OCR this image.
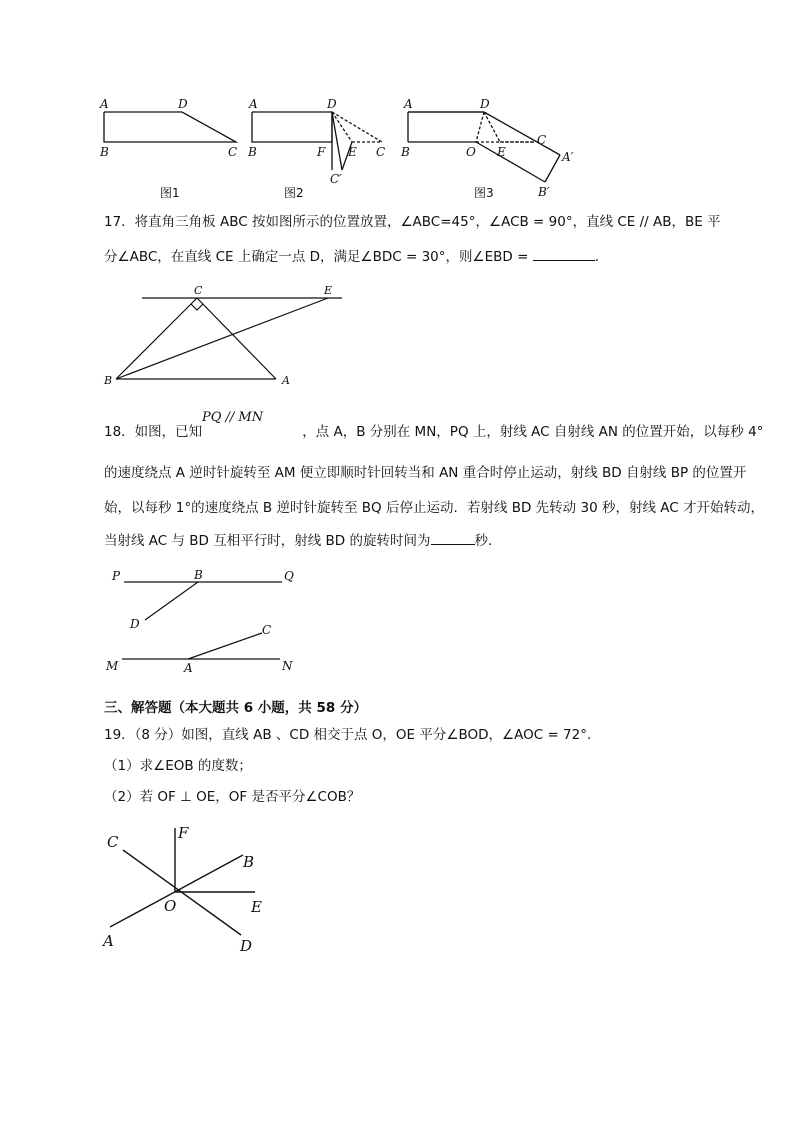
A	D
B	C
A	D
B	F E C
C′
A	D
C
A′
B	O E
B′
图1	图2	图3
17．将直角三角板 ABC 按如图所示的位置放置，∠ABC=45°，∠ACB = 90°，直线 CE // AB，BE 平
分∠ABC，在直线 CE 上确定一点 D，满足∠BDC = 30°，则∠EBD =	.
C	E
B	A
PQ // MN
18．如图，已知	，点 A，B 分别在 MN，PQ 上，射线 AC 自射线 AN 的位置开始，以每秒 4°
的速度绕点 A 逆时针旋转至 AM 便立即顺时针回转当和 AN 重合时停止运动，射线 BD 自射线 BP 的位置开
始，以每秒 1°的速度绕点 B 逆时针旋转至 BQ 后停止运动．若射线 BD 先转动 30 秒，射线 AC 才开始转动，
当射线 AC 与 BD 互相平行时，射线 BD 的旋转时间为	秒．
P	B	Q
D	C
M	A	N
三、解答题（本大题共 6 小题，共 58 分）
19．（8 分）如图，直线 AB 、CD 相交于点 O，OE 平分∠BOD，∠AOC = 72°．
（1）求∠EOB 的度数；
（2）若 OF ⊥ OE，OF 是否平分∠COB？
C	F
B
O	E
A	D
